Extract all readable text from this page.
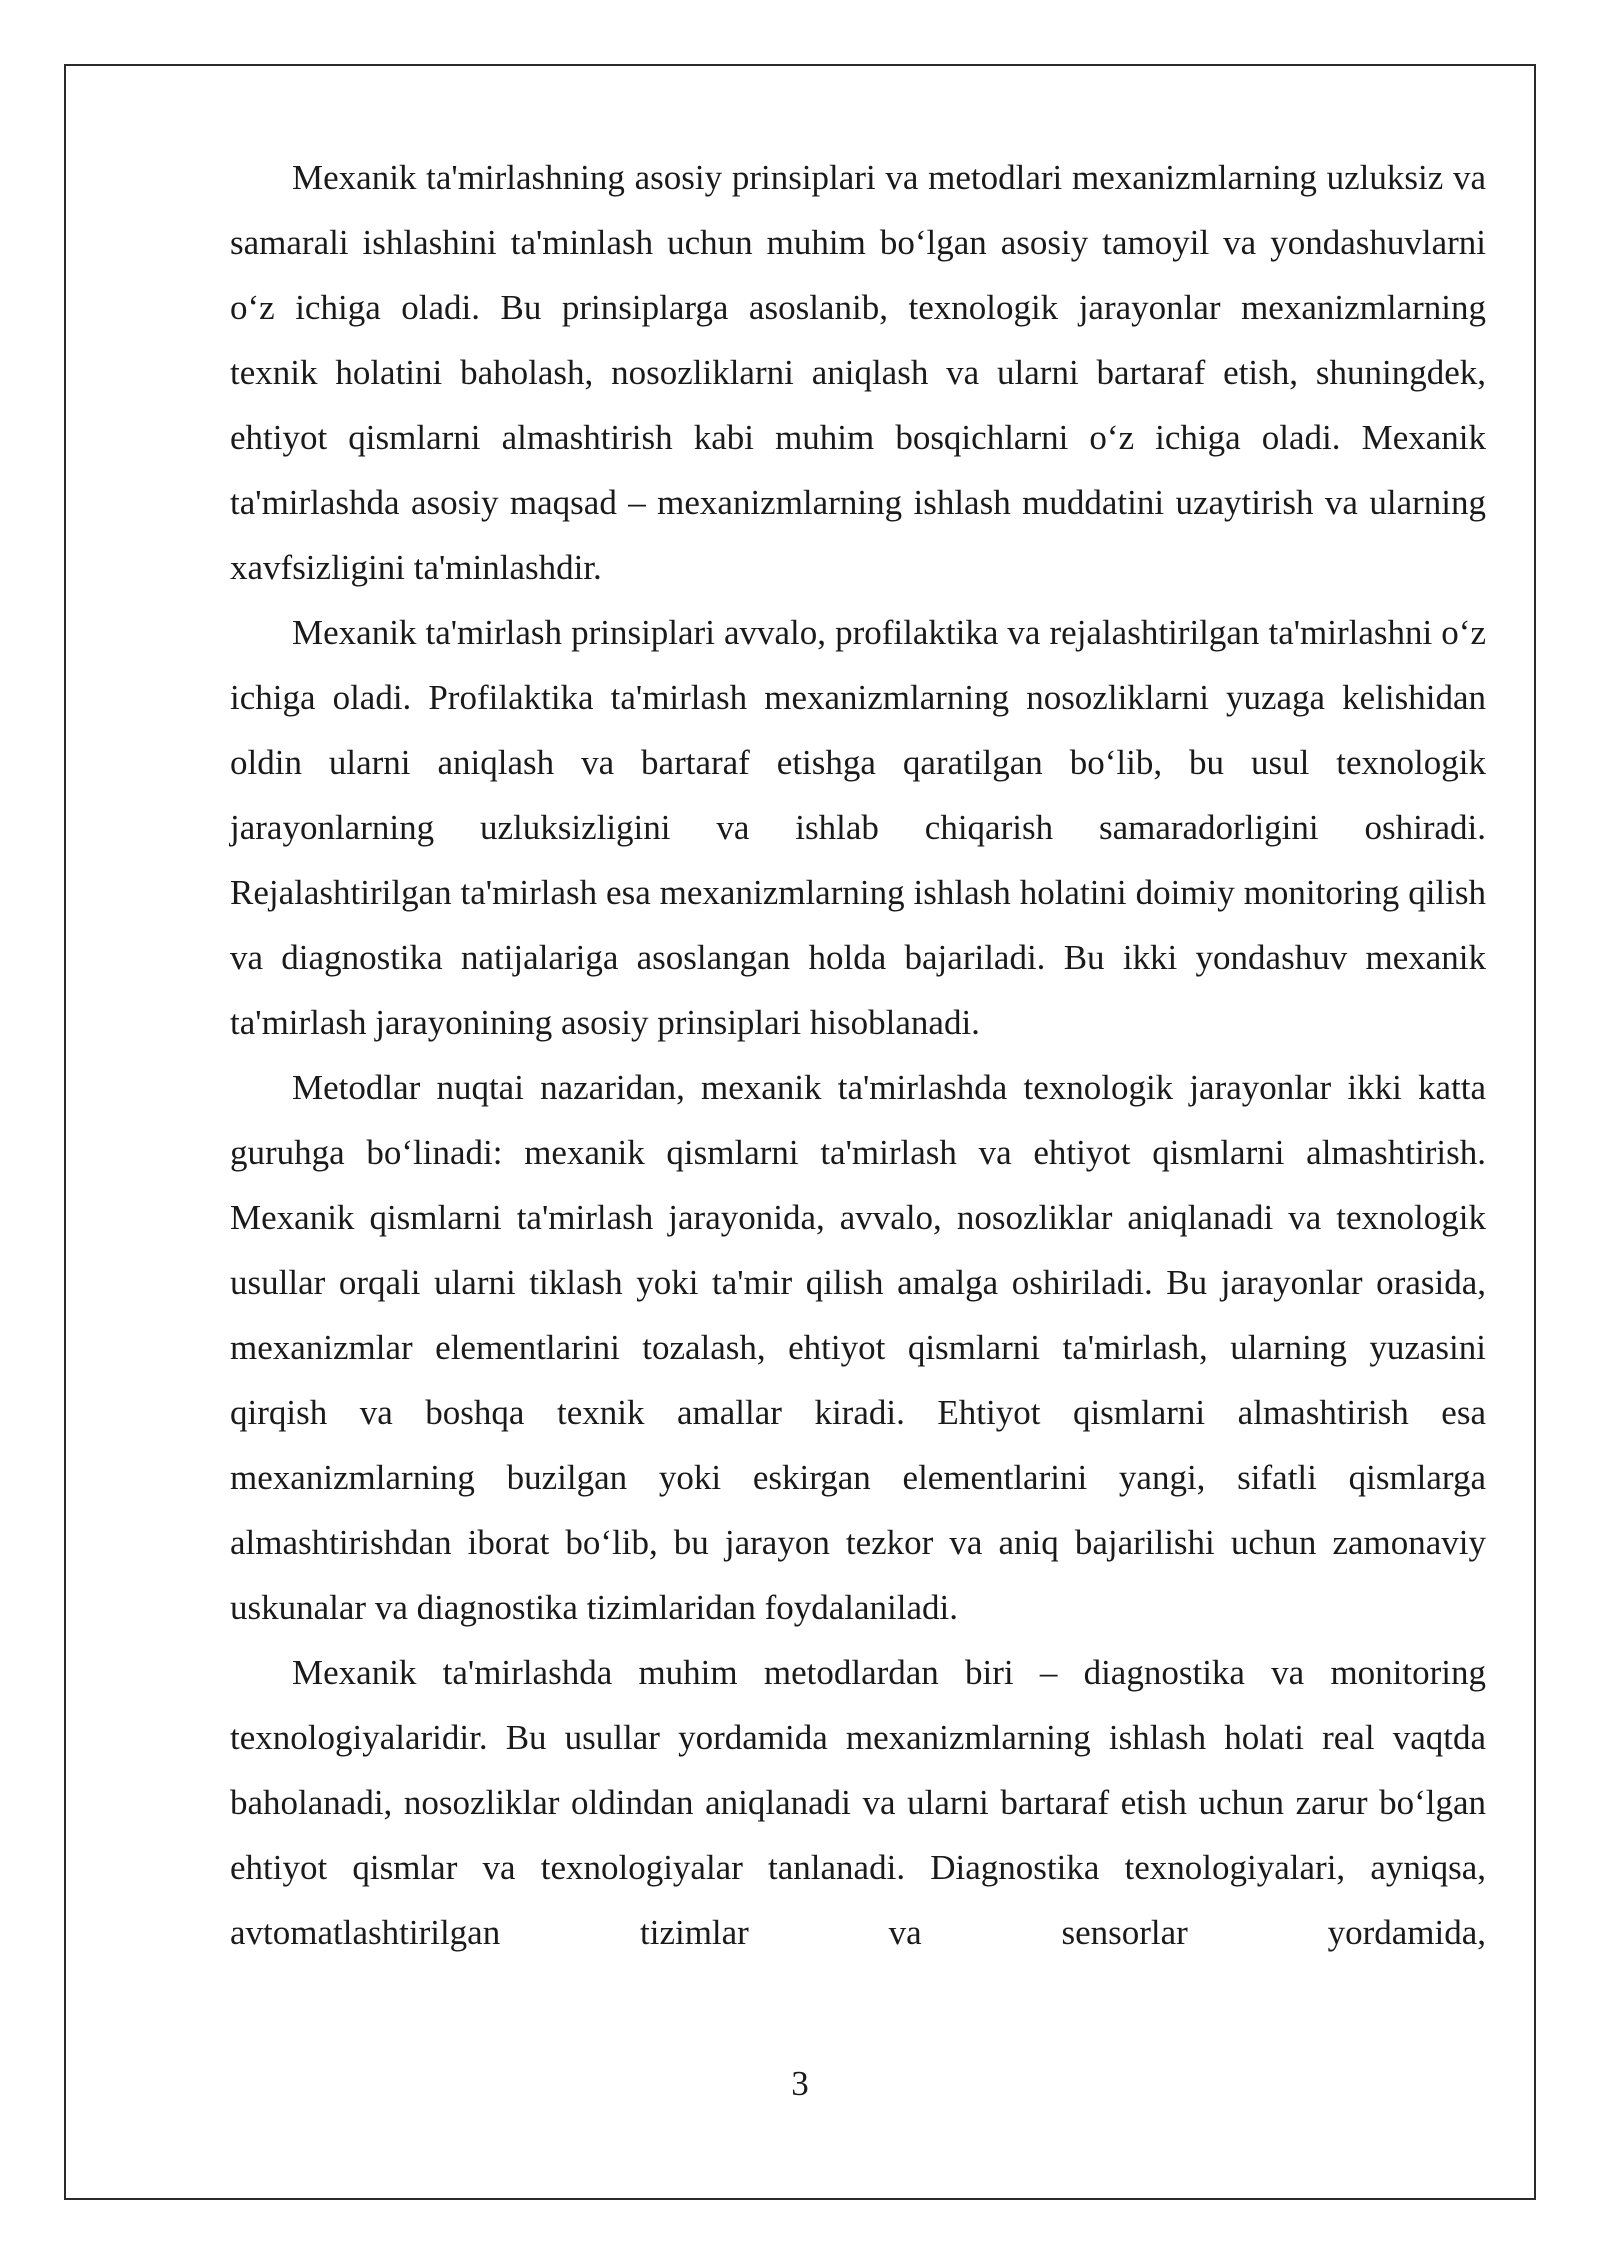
Mexanik ta'mirlashning asosiy prinsiplari va metodlari mexanizmlarning uzluksiz va samarali ishlashini ta'minlash uchun muhim bo‘lgan asosiy tamoyil va yondashuvlarni o‘z ichiga oladi. Bu prinsiplarga asoslanib, texnologik jarayonlar mexanizmlarning texnik holatini baholash, nosozliklarni aniqlash va ularni bartaraf etish, shuningdek, ehtiyot qismlarni almashtirish kabi muhim bosqichlarni o‘z ichiga oladi. Mexanik ta'mirlashda asosiy maqsad – mexanizmlarning ishlash muddatini uzaytirish va ularning xavfsizligini ta'minlashdir.

Mexanik ta'mirlash prinsiplari avvalo, profilaktika va rejalashtirilgan ta'mirlashni o‘z ichiga oladi. Profilaktika ta'mirlash mexanizmlarning nosozliklarni yuzaga kelishidan oldin ularni aniqlash va bartaraf etishga qaratilgan bo‘lib, bu usul texnologik jarayonlarning uzluksizligini va ishlab chiqarish samaradorligini oshiradi. Rejalashtirilgan ta'mirlash esa mexanizmlarning ishlash holatini doimiy monitoring qilish va diagnostika natijalariga asoslangan holda bajariladi. Bu ikki yondashuv mexanik ta'mirlash jarayonining asosiy prinsiplari hisoblanadi.

Metodlar nuqtai nazaridan, mexanik ta'mirlashda texnologik jarayonlar ikki katta guruhga bo‘linadi: mexanik qismlarni ta'mirlash va ehtiyot qismlarni almashtirish. Mexanik qismlarni ta'mirlash jarayonida, avvalo, nosozliklar aniqlanadi va texnologik usullar orqali ularni tiklash yoki ta'mir qilish amalga oshiriladi. Bu jarayonlar orasida, mexanizmlar elementlarini tozalash, ehtiyot qismlarni ta'mirlash, ularning yuzasini qirqish va boshqa texnik amallar kiradi. Ehtiyot qismlarni almashtirish esa mexanizmlarning buzilgan yoki eskirgan elementlarini yangi, sifatli qismlarga almashtirishdan iborat bo‘lib, bu jarayon tezkor va aniq bajarilishi uchun zamonaviy uskunalar va diagnostika tizimlaridan foydalaniladi.

Mexanik ta'mirlashda muhim metodlardan biri – diagnostika va monitoring texnologiyalaridir. Bu usullar yordamida mexanizmlarning ishlash holati real vaqtda baholanadi, nosozliklar oldindan aniqlanadi va ularni bartaraf etish uchun zarur bo‘lgan ehtiyot qismlar va texnologiyalar tanlanadi. Diagnostika texnologiyalari, ayniqsa, avtomatlashtirilgan tizimlar va sensorlar yordamida,

3
